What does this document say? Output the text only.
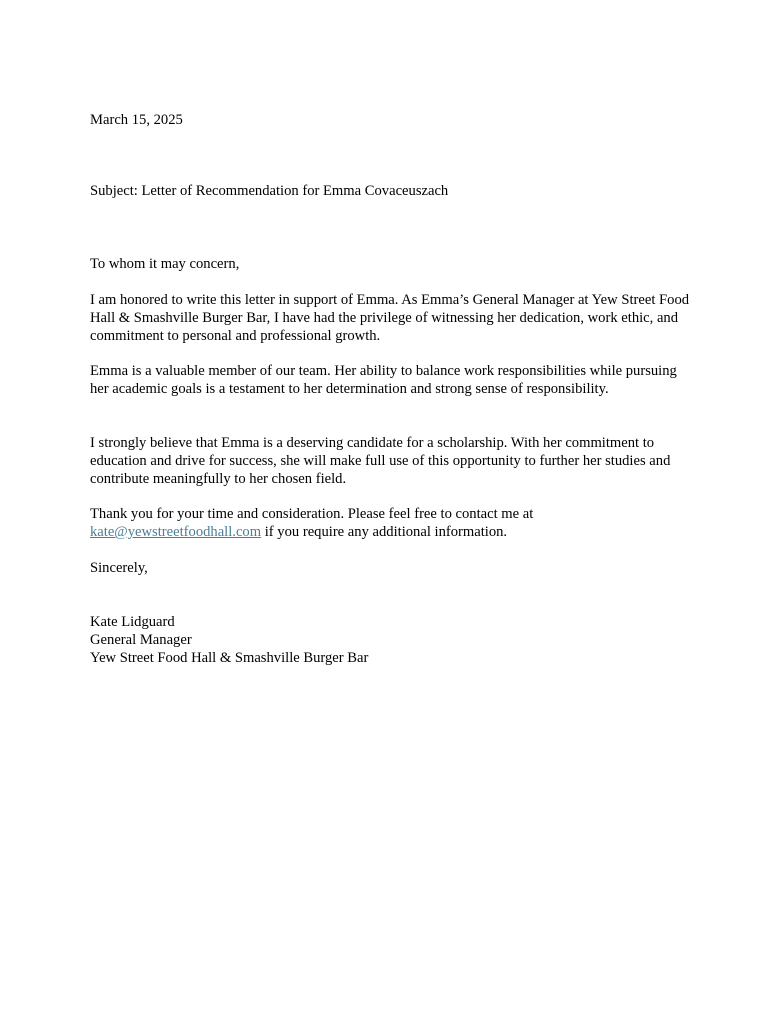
March 15, 2025

Subject: Letter of Recommendation for Emma Covaceuszach

To whom it may concern,

I am honored to write this letter in support of Emma. As Emma’s General Manager at Yew Street Food Hall & Smashville Burger Bar, I have had the privilege of witnessing her dedication, work ethic, and commitment to personal and professional growth.

Emma is a valuable member of our team. Her ability to balance work responsibilities while pursuing her academic goals is a testament to her determination and strong sense of responsibility.

I strongly believe that Emma is a deserving candidate for a scholarship. With her commitment to education and drive for success, she will make full use of this opportunity to further her studies and contribute meaningfully to her chosen field.

Thank you for your time and consideration. Please feel free to contact me at
kate@yewstreetfoodhall.com if you require any additional information.

Sincerely,

Kate Lidguard
General Manager
Yew Street Food Hall & Smashville Burger Bar
